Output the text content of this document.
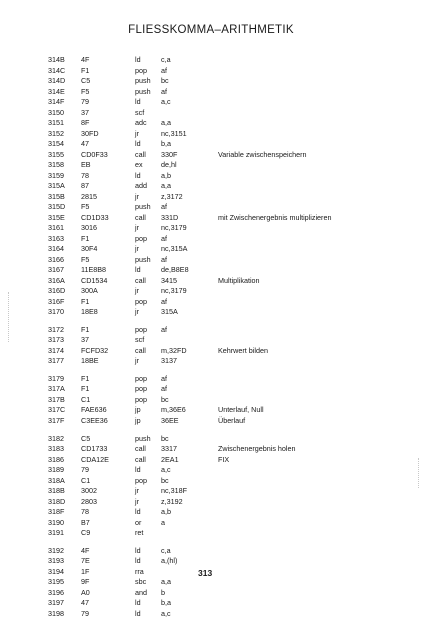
FLIESSKOMMA–ARITHMETIK
314B 4F	ld	c,a
314C F1	pop af
314D C5	push bc
314E F5	push af
314F 79	ld	a,c
3150 37	scf
3151 8F	adc a,a
3152 30FD	jr	nc,3151
3154 47	ld	b,a
3155 CD0F33	call 330F	Variable zwischenspeichern
3158 EB	ex	de,hl
3159 78	ld	a,b
315A 87	add a,a
315B 2815	jr	z,3172
315D F5	push af
315E CD1D33	call 331D	mit Zwischenergebnis multiplizieren
3161 3016	jr	nc,3179
3163 F1	pop af
3164 30F4	jr	nc,315A
3166 F5	push af
3167 11E8B8	ld	de,B8E8
316A CD1534	call 3415	Multiplikation
316D 300A	jr	nc,3179
316F F1	pop af
3170 18E8	jr	315A
3172 F1	pop af
3173 37	scf
3174 FCFD32	call m,32FD	Kehrwert bilden
3177 18BE	jr	3137
3179 F1	pop af
317A F1	pop af
317B C1	pop bc
317C FAE636	jp	m,36E6	Unterlauf, Null
317F C3EE36	jp	36EE	Überlauf
3182 C5	push bc
3183 CD1733	call 3317	Zwischenergebnis holen
3186 CDA12E	call 2EA1	FIX
3189 79	ld	a,c
318A C1	pop bc
318B 3002	jr	nc,318F
318D 2803	jr	z,3192
318F 78	ld	a,b
3190 B7	or	a
3191 C9	ret
3192 4F	ld	c,a
3193 7E	ld	a,(hl)
3194 1F	rra
3195 9F	sbc a,a
3196 A0	and b
3197 47	ld	b,a
3198 79	ld	a,c
313
